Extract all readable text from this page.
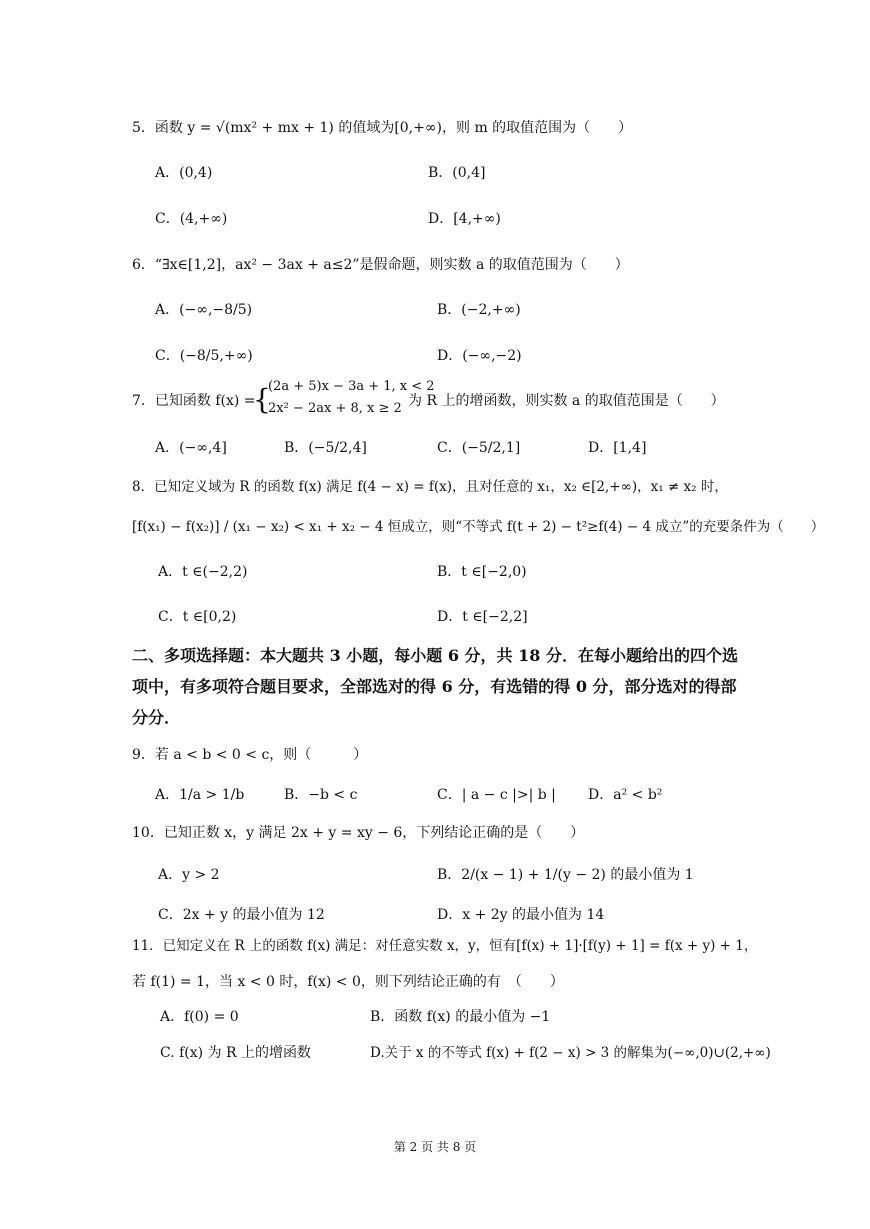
5．函数 y = √(mx² + mx + 1) 的值域为[0,+∞)，则 m 的取值范围为（　　）
A．(0,4)	B．(0,4]
C．(4,+∞)	D．[4,+∞)
6．“∃x∈[1,2]，ax² − 3ax + a≤2”是假命题，则实数 a 的取值范围为（　　）
A．(−∞,−8/5)	B．(−2,+∞)
C．(−8/5,+∞)	D．(−∞,−2)
7．已知函数 f(x) =
{
(2a + 5)x − 3a + 1, x < 2
2x² − 2ax + 8, x ≥ 2 为 R 上的增函数，则实数 a 的取值范围是（　　）
A．(−∞,4]	B．(−5/2,4]	C．(−5/2,1]	D．[1,4]
8．已知定义域为 R 的函数 f(x) 满足 f(4 − x) = f(x)，且对任意的 x₁，x₂ ∈[2,+∞)，x₁ ≠ x₂ 时，
[f(x₁) − f(x₂)] / (x₁ − x₂) < x₁ + x₂ − 4 恒成立，则“不等式 f(t + 2) − t²≥f(4) − 4 成立”的充要条件为（　　）
A．t ∈(−2,2)	B．t ∈[−2,0)
C．t ∈[0,2)	D．t ∈[−2,2]
二、多项选择题：本大题共 3 小题，每小题 6 分，共 18 分．在每小题给出的四个选
项中，有多项符合题目要求，全部选对的得 6 分，有选错的得 0 分，部分选对的得部
分分．
9．若 a < b < 0 < c，则（　　　）
A．1/a > 1/b	B．−b < c	C．| a − c |>| b | D．a² < b²
10．已知正数 x，y 满足 2x + y = xy − 6，下列结论正确的是（　　）
A．y > 2	B．2/(x − 1) + 1/(y − 2) 的最小值为 1
C．2x + y 的最小值为 12	D．x + 2y 的最小值为 14
11．已知定义在 R 上的函数 f(x) 满足：对任意实数 x，y，恒有[f(x) + 1]·[f(y) + 1] = f(x + y) + 1，
若 f(1) = 1，当 x < 0 时，f(x) < 0，则下列结论正确的有　（　　）
A．f(0) = 0	B．函数 f(x) 的最小值为 −1
C. f(x) 为 R 上的增函数	D.关于 x 的不等式 f(x) + f(2 − x) > 3 的解集为(−∞,0)∪(2,+∞)
第 2 页 共 8 页
